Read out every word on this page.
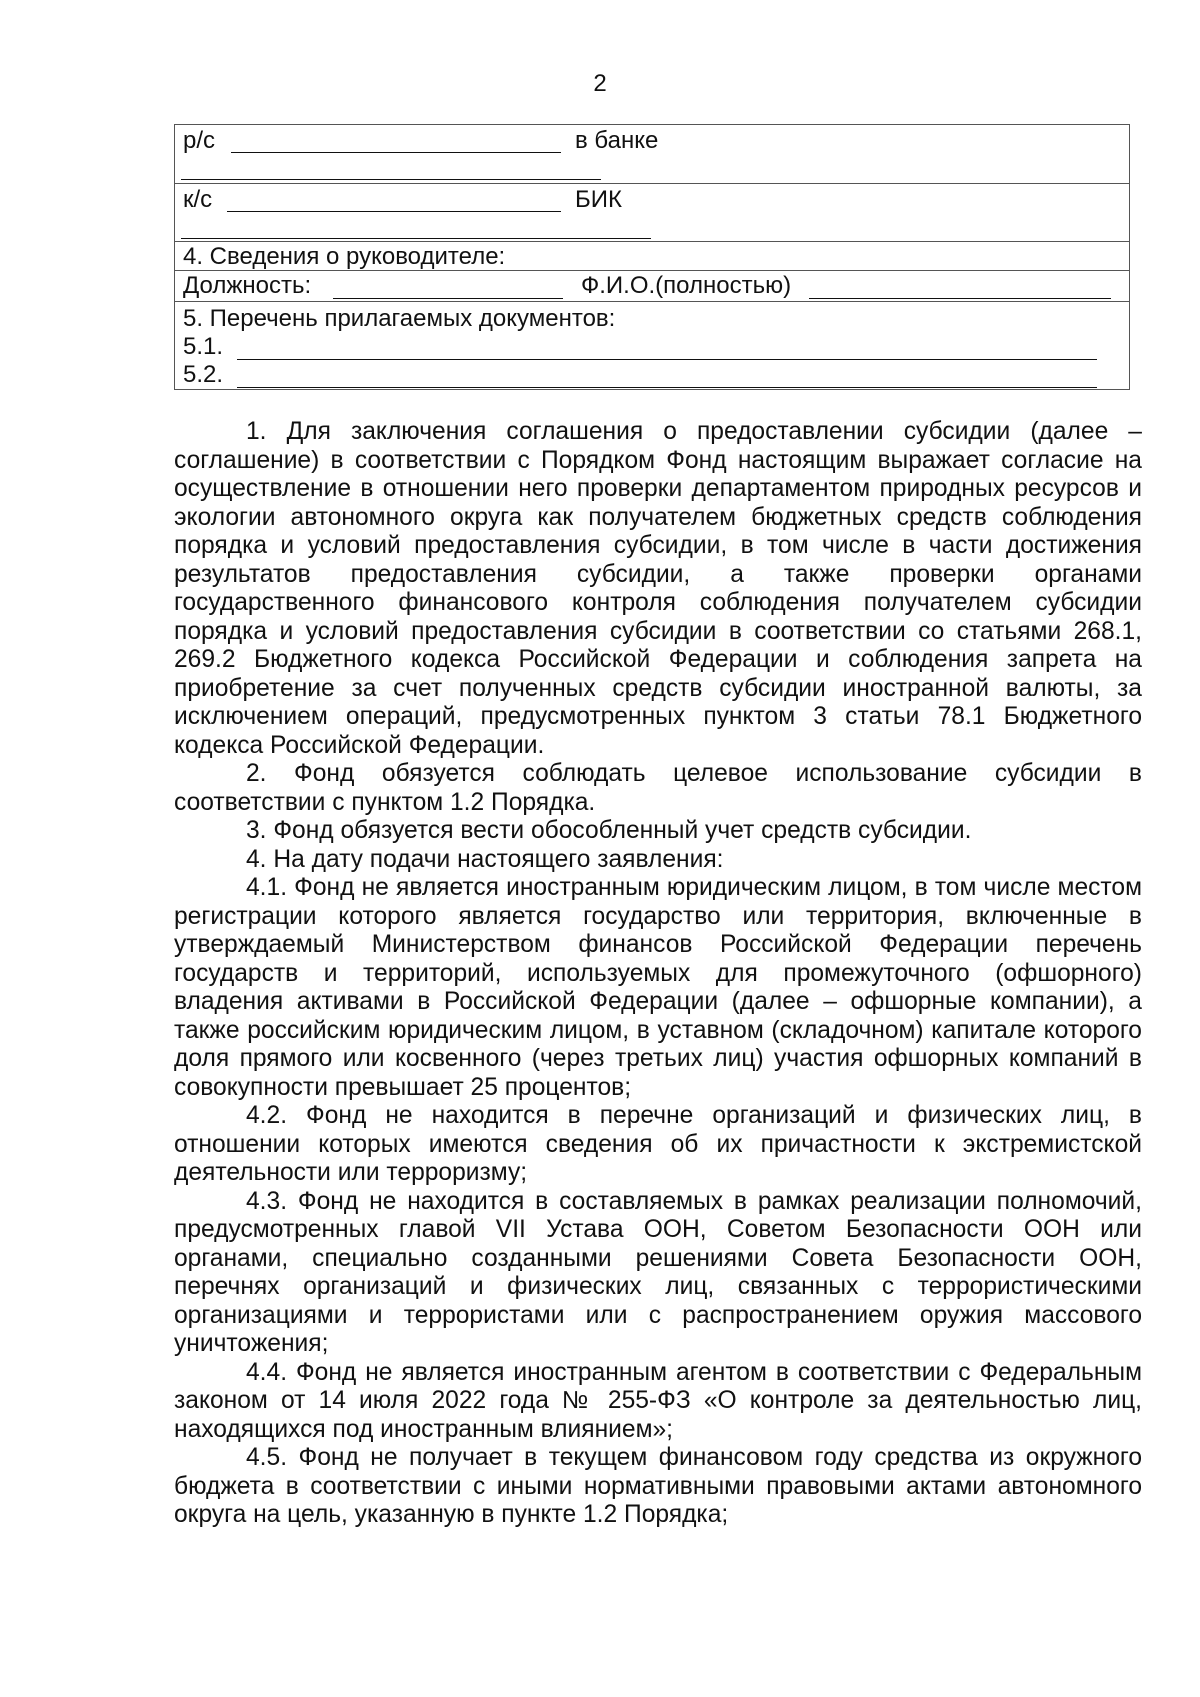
2
р/с	в банке
к/с	БИК
4. Сведения о руководителе:
Должность:	Ф.И.О.(полностью)
5. Перечень прилагаемых документов:
5.1.
5.2.

1. Для заключения соглашения о предоставлении субсидии (далее – соглашение) в соответствии с Порядком Фонд настоящим выражает согласие на осуществление в отношении него проверки департаментом природных ресурсов и экологии автономного округа как получателем бюджетных средств соблюдения порядка и условий предоставления субсидии, в том числе в части достижения результатов предоставления субсидии, а также проверки органами государственного финансового контроля соблюдения получателем субсидии порядка и условий предоставления субсидии в соответствии со статьями 268.1, 269.2 Бюджетного кодекса Российской Федерации и соблюдения запрета на приобретение за счет полученных средств субсидии иностранной валюты, за исключением операций, предусмотренных пунктом 3 статьи 78.1 Бюджетного кодекса Российской Федерации.

2. Фонд обязуется соблюдать целевое использование субсидии в соответствии с пунктом 1.2 Порядка.

3. Фонд обязуется вести обособленный учет средств субсидии.

4. На дату подачи настоящего заявления:

4.1. Фонд не является иностранным юридическим лицом, в том числе местом регистрации которого является государство или территория, включенные в утверждаемый Министерством финансов Российской Федерации перечень государств и территорий, используемых для промежуточного (офшорного) владения активами в Российской Федерации (далее – офшорные компании), а также российским юридическим лицом, в уставном (складочном) капитале которого доля прямого или косвенного (через третьих лиц) участия офшорных компаний в совокупности превышает 25 процентов;

4.2. Фонд не находится в перечне организаций и физических лиц, в отношении которых имеются сведения об их причастности к экстремистской деятельности или терроризму;

4.3. Фонд не находится в составляемых в рамках реализации полномочий, предусмотренных главой VII Устава ООН, Советом Безопасности ООН или органами, специально созданными решениями Совета Безопасности ООН, перечнях организаций и физических лиц, связанных с террористическими организациями и террористами или с распространением оружия массового уничтожения;

4.4. Фонд не является иностранным агентом в соответствии с Федеральным законом от 14 июля 2022 года № 255-ФЗ «О контроле за деятельностью лиц, находящихся под иностранным влиянием»;

4.5. Фонд не получает в текущем финансовом году средства из окружного бюджета в соответствии с иными нормативными правовыми актами автономного округа на цель, указанную в пункте 1.2 Порядка;
